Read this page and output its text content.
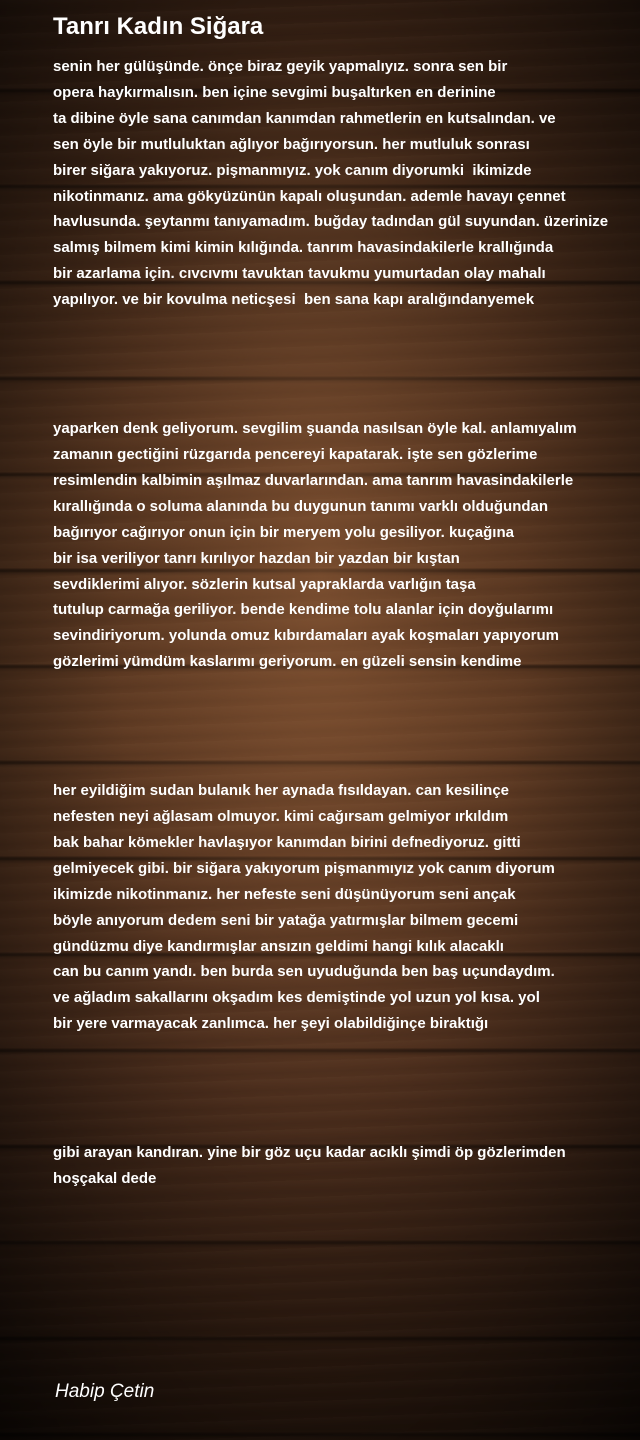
Tanrı Kadın Siğara
senin her gülüşünde. önçe biraz geyik yapmalıyız. sonra sen bir
opera haykırmalısın. ben içine sevgimi buşaltırken en derinine
ta dibine öyle sana canımdan kanımdan rahmetlerin en kutsalından. ve
sen öyle bir mutluluktan ağlıyor bağırıyorsun. her mutluluk sonrası
birer siğara yakıyoruz. pişmanmıyız. yok canım diyorumki  ikimizde
nikotinmanız. ama gökyüzünün kapalı oluşundan. ademle havayı çennet
havlusunda. şeytanmı tanıyamadım. buğday tadından gül suyundan. üzerinize
salmış bilmem kimi kimin kılığında. tanrım havasindakilerle krallığında
bir azarlama için. cıvcıvmı tavuktan tavukmu yumurtadan olay mahalı
yapılıyor. ve bir kovulma neticşesi  ben sana kapı aralığındanyemek
yaparken denk geliyorum. sevgilim şuanda nasılsan öyle kal. anlamıyalım
zamanın gectiğini rüzgarıda pencereyi kapatarak. işte sen gözlerime
resimlendin kalbimin aşılmaz duvarlarından. ama tanrım havasindakilerle
kırallığında o soluma alanında bu duygunun tanımı varklı olduğundan
bağırıyor cağırıyor onun için bir meryem yolu gesiliyor. kuçağına
bir isa veriliyor tanrı kırılıyor hazdan bir yazdan bir kıştan
sevdiklerimi alıyor. sözlerin kutsal yapraklarda varlığın taşa
tutulup carmağa geriliyor. bende kendime tolu alanlar için doyğularımı
sevindiriyorum. yolunda omuz kıbırdamaları ayak koşmaları yapıyorum
gözlerimi yümdüm kaslarımı geriyorum. en güzeli sensin kendime
her eyildiğim sudan bulanık her aynada fısıldayan. can kesilinçe
nefesten neyi ağlasam olmuyor. kimi cağırsam gelmiyor ırkıldım
bak bahar kömekler havlaşıyor kanımdan birini defnediyoruz. gitti
gelmiyecek gibi. bir siğara yakıyorum pişmanmıyız yok canım diyorum
ikimizde nikotinmanız. her nefeste seni düşünüyorum seni ançak
böyle anıyorum dedem seni bir yatağa yatırmışlar bilmem gecemi
gündüzmu diye kandırmışlar ansızın geldimi hangi kılık alacaklı
can bu canım yandı. ben burda sen uyuduğunda ben baş uçundaydım.
ve ağladım sakallarını okşadım kes demiştinde yol uzun yol kısa. yol
bir yere varmayacak zanlımca. her şeyi olabildiğinçe biraktığı
gibi arayan kandıran. yine bir göz uçu kadar acıklı şimdi öp gözlerimden
hoşçakal dede
Habip Çetin
